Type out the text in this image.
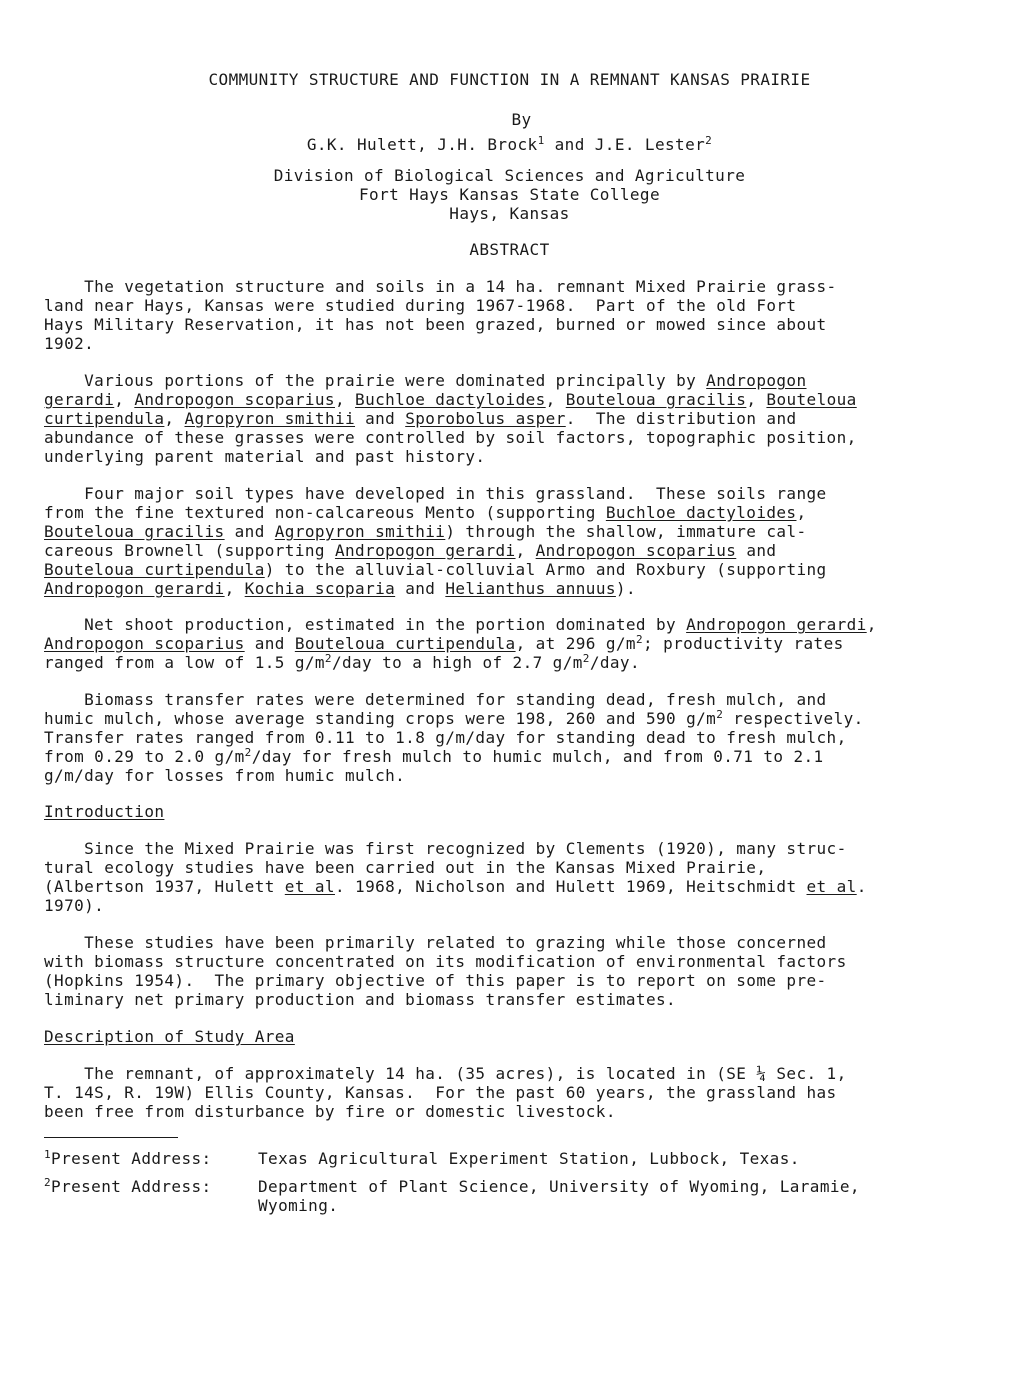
COMMUNITY STRUCTURE AND FUNCTION IN A REMNANT KANSAS PRAIRIE
By
G.K. Hulett, J.H. Brock$^1$ and J.E. Lester$^2$
Division of Biological Sciences and Agriculture
Fort Hays Kansas State College
Hays, Kansas
ABSTRACT
The vegetation structure and soils in a 14 ha. remnant Mixed Prairie grass-
land near Hays, Kansas were studied during 1967-1968.  Part of the old Fort
Hays Military Reservation, it has not been grazed, burned or mowed since about
1902.
Various portions of the prairie were dominated principally by Andropogon
gerardi, Andropogon scoparius, Buchloe dactyloides, Bouteloua gracilis, Bouteloua
curtipendula, Agropyron smithii and Sporobolus asper.  The distribution and
abundance of these grasses were controlled by soil factors, topographic position,
underlying parent material and past history.
Four major soil types have developed in this grassland.  These soils range
from the fine textured non-calcareous Mento (supporting Buchloe dactyloides,
Bouteloua gracilis and Agropyron smithii) through the shallow, immature cal-
careous Brownell (supporting Andropogon gerardi, Andropogon scoparius and
Bouteloua curtipendula) to the alluvial-colluvial Armo and Roxbury (supporting
Andropogon gerardi, Kochia scoparia and Helianthus annuus).
Net shoot production, estimated in the portion dominated by Andropogon gerardi,
Andropogon scoparius and Bouteloua curtipendula, at 296 $g/m^2$; productivity rates
ranged from a low of 1.5 $g/m^2$/day to a high of 2.7 $g/m^2$/day.
Biomass transfer rates were determined for standing dead, fresh mulch, and
humic mulch, whose average standing crops were 198, 260 and 590 $g/m^2$ respectively.
Transfer rates ranged from 0.11 to 1.8 g/m/day for standing dead to fresh mulch,
from 0.29 to 2.0 $g/m^2$/day for fresh mulch to humic mulch, and from 0.71 to 2.1
g/m/day for losses from humic mulch.
Introduction
Since the Mixed Prairie was first recognized by Clements (1920), many struc-
tural ecology studies have been carried out in the Kansas Mixed Prairie,
(Albertson 1937, Hulett et al. 1968, Nicholson and Hulett 1969, Heitschmidt et al.
1970).
These studies have been primarily related to grazing while those concerned
with biomass structure concentrated on its modification of environmental factors
(Hopkins 1954).  The primary objective of this paper is to report on some pre-
liminary net primary production and biomass transfer estimates.
Description of Study Area
The remnant, of approximately 14 ha. (35 acres), is located in (SE ¼ Sec. 1,
T. 14S, R. 19W) Ellis County, Kansas.  For the past 60 years, the grassland has
been free from disturbance by fire or domestic livestock.
$^1$Present Address:	Texas Agricultural Experiment Station, Lubbock, Texas.
$^2$Present Address:	Department of Plant Science, University of Wyoming, Laramie,
Wyoming.
